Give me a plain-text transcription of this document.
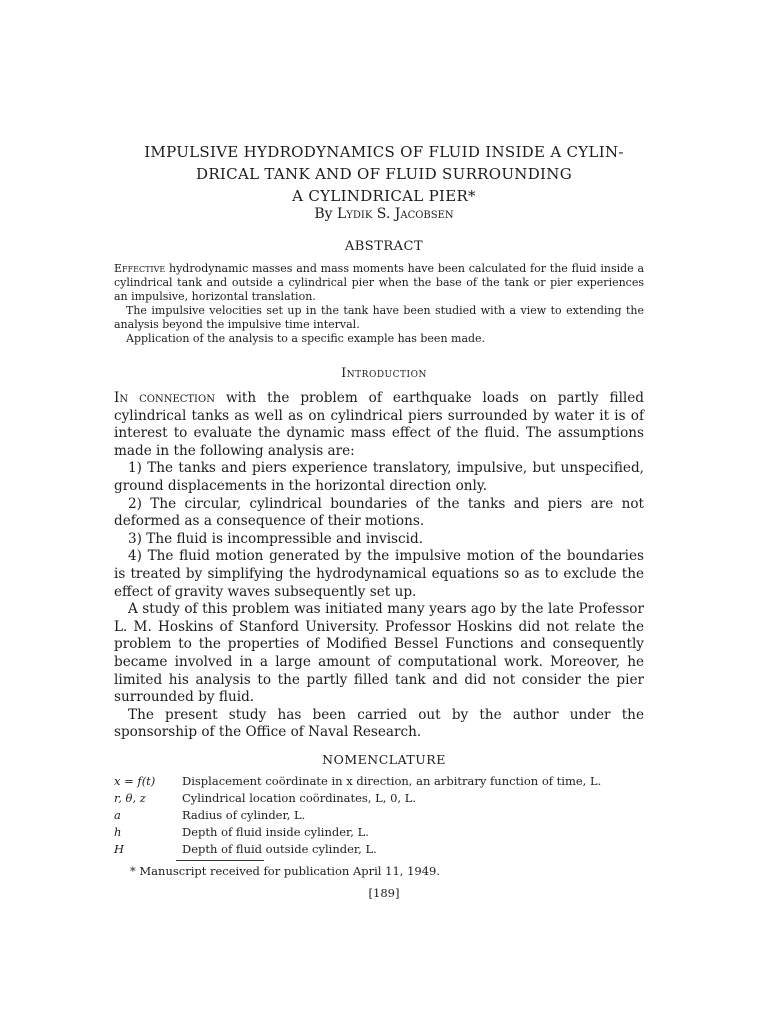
IMPULSIVE HYDRODYNAMICS OF FLUID INSIDE A CYLIN-
DRICAL TANK AND OF FLUID SURROUNDING
A CYLINDRICAL PIER*
By Lydik S. Jacobsen
ABSTRACT

Effective hydrodynamic masses and mass moments have been calculated for the fluid inside a cylindrical tank and outside a cylindrical pier when the base of the tank or pier experiences an impulsive, horizontal translation.

The impulsive velocities set up in the tank have been studied with a view to extending the analysis beyond the impulsive time interval.

Application of the analysis to a specific example has been made.

Introduction

In connection with the problem of earthquake loads on partly filled cylindrical tanks as well as on cylindrical piers surrounded by water it is of interest to evaluate the dynamic mass effect of the fluid. The assumptions made in the following analysis are:

1) The tanks and piers experience translatory, impulsive, but unspecified, ground displacements in the horizontal direction only.

2) The circular, cylindrical boundaries of the tanks and piers are not deformed as a consequence of their motions.

3) The fluid is incompressible and inviscid.

4) The fluid motion generated by the impulsive motion of the boundaries is treated by simplifying the hydrodynamical equations so as to exclude the effect of gravity waves subsequently set up.

A study of this problem was initiated many years ago by the late Professor L. M. Hoskins of Stanford University. Professor Hoskins did not relate the problem to the properties of Modified Bessel Functions and consequently became involved in a large amount of computational work. Moreover, he limited his analysis to the partly filled tank and did not consider the pier surrounded by fluid.

The present study has been carried out by the author under the sponsorship of the Office of Naval Research.

NOMENCLATURE
x = f(t)	Displacement coördinate in x direction, an arbitrary function of time, L.
r, θ, z	Cylindrical location coördinates, L, 0, L.
a	Radius of cylinder, L.
h	Depth of fluid inside cylinder, L.
H	Depth of fluid outside cylinder, L.
* Manuscript received for publication April 11, 1949.
[189]
